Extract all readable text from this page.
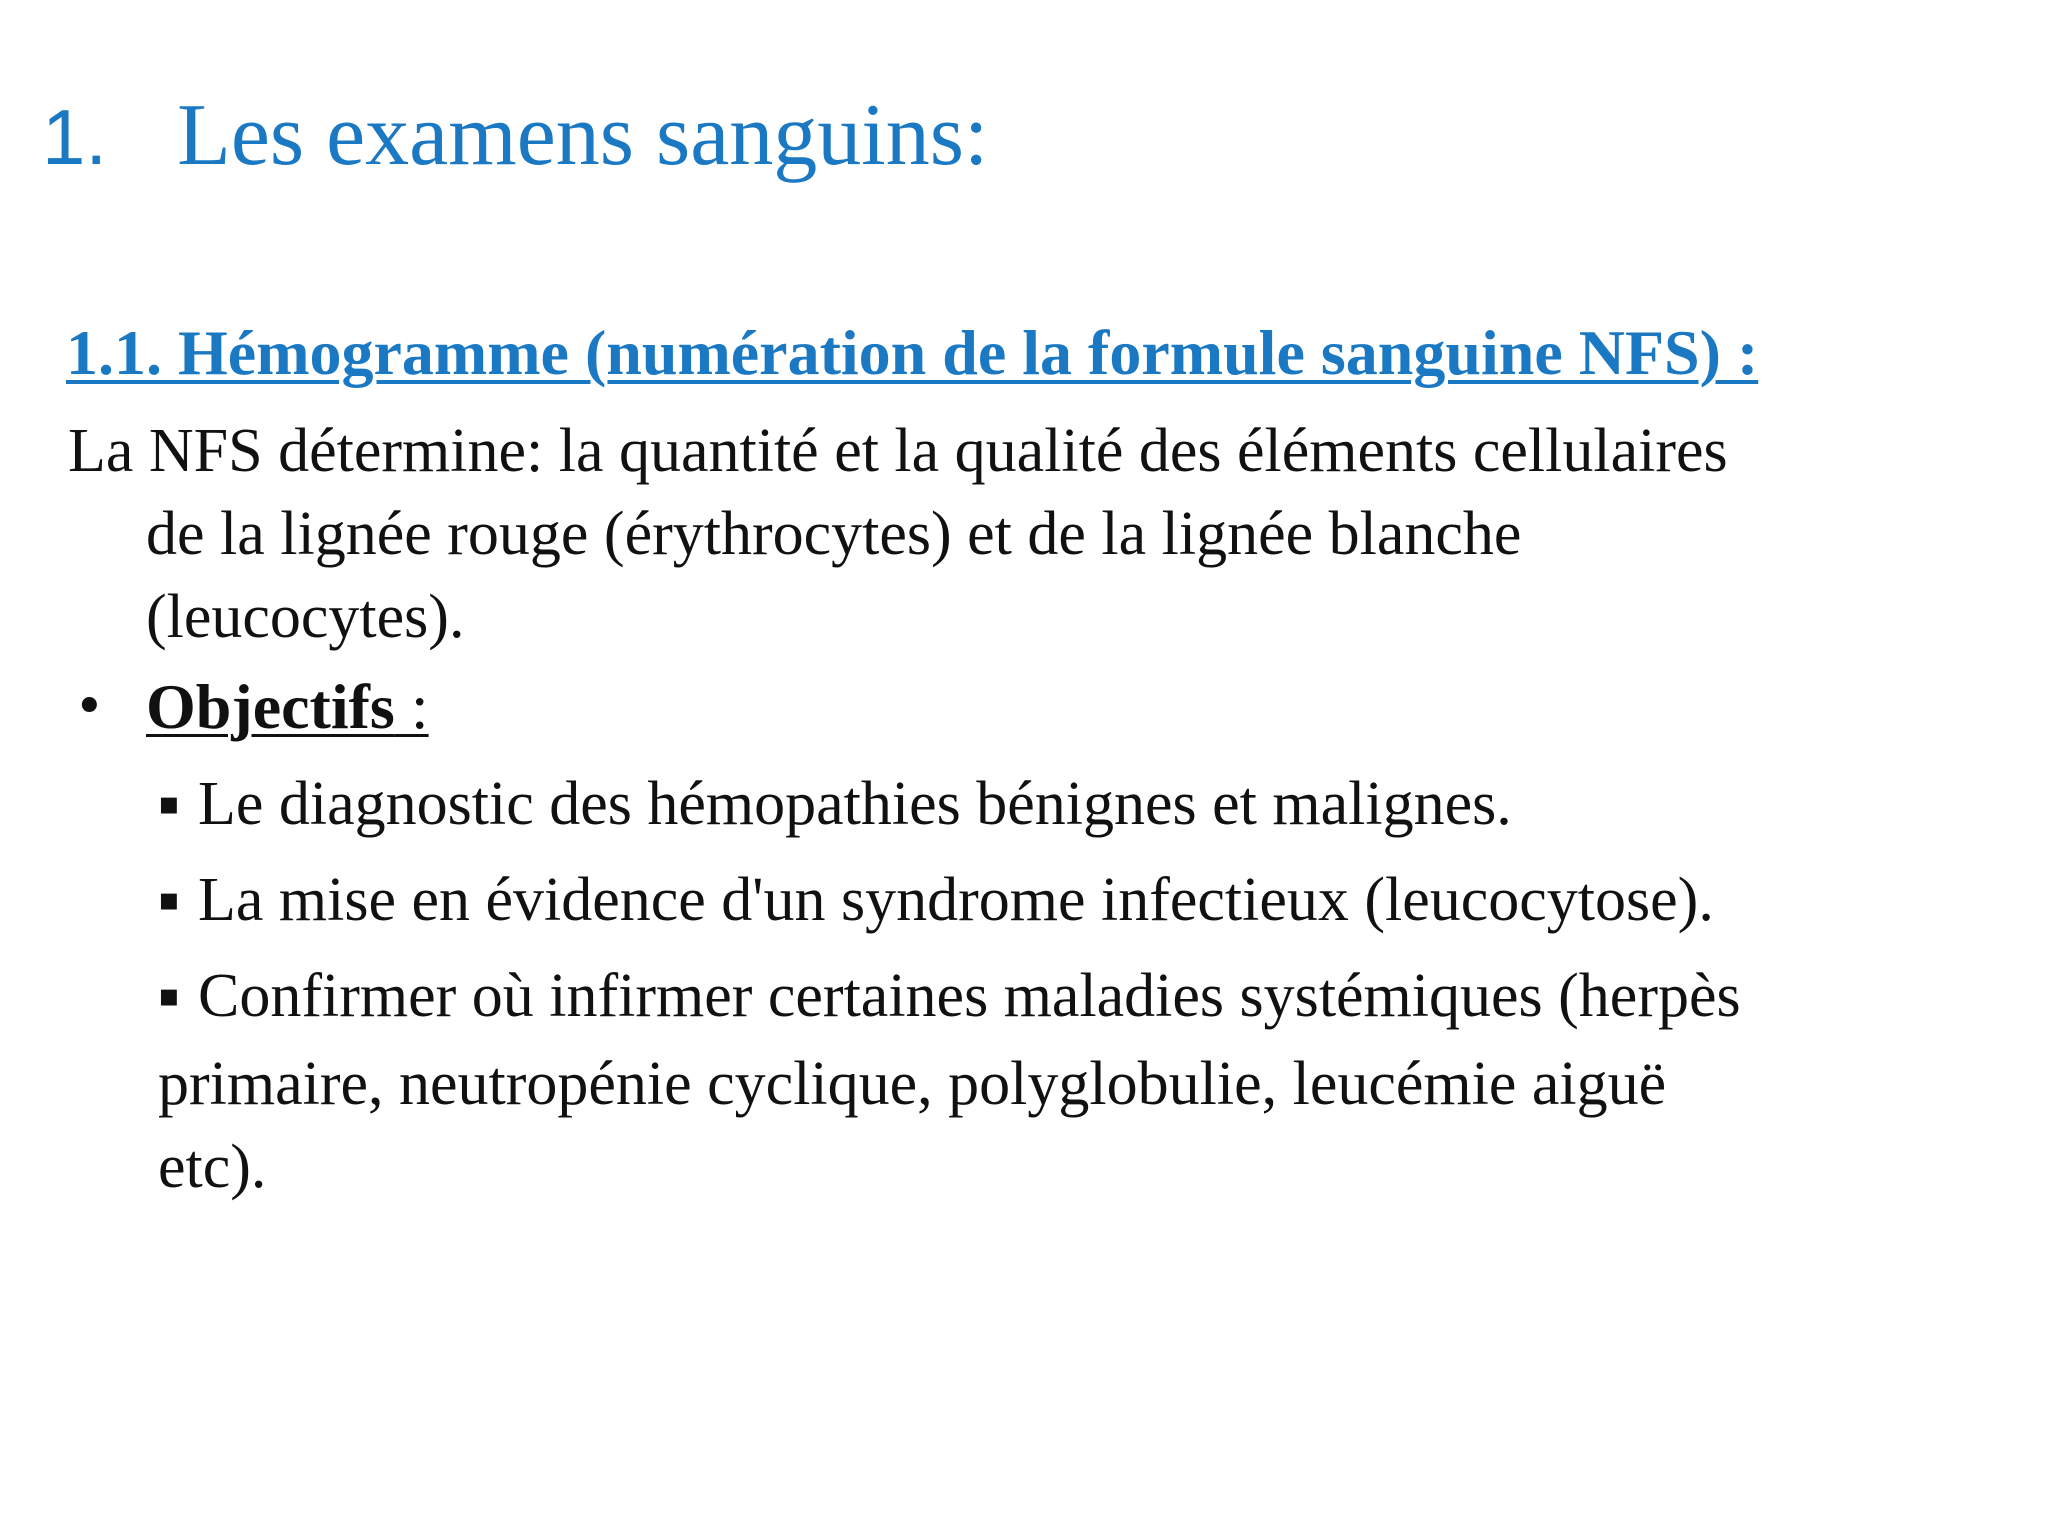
1. Les examens sanguins:
1.1. Hémogramme (numération de la formule sanguine NFS) :
La NFS détermine: la quantité et la qualité des éléments cellulaires
de la lignée rouge (érythrocytes) et de la lignée blanche
(leucocytes).
• Objectifs :
▪ Le diagnostic des hémopathies bénignes et malignes.
▪ La mise en évidence d'un syndrome infectieux (leucocytose).
▪ Confirmer où infirmer certaines maladies systémiques (herpès
primaire, neutropénie cyclique, polyglobulie, leucémie aiguë
etc).
